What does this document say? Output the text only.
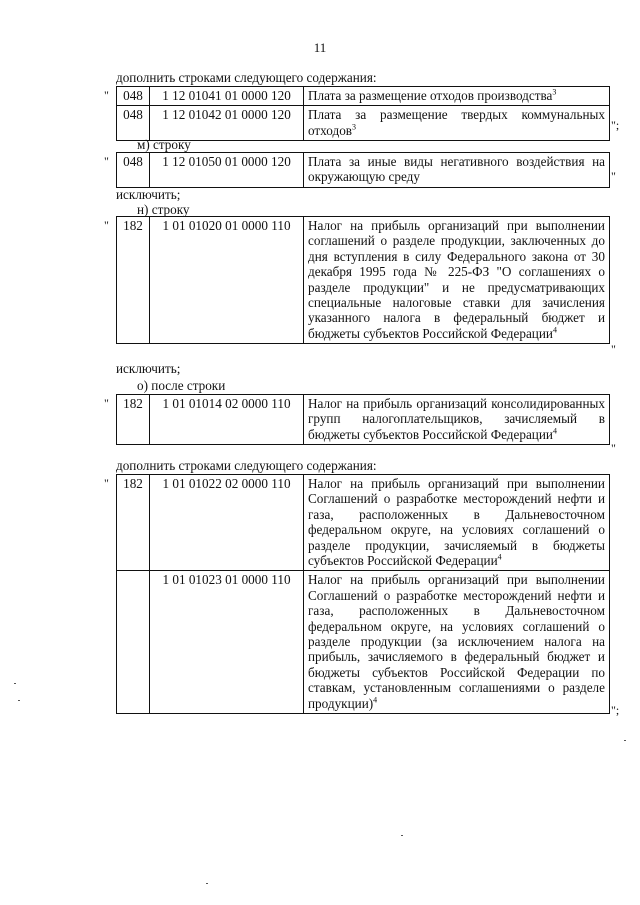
11
дополнить строками следующего содержания:
" 048	1 12 01041 01 0000 120	Плата за размещение отходов производства$^3$
048	1 12 01042 01 0000 120	Плата за размещение твердых коммунальных отходов$^3$	";
м) строку
" 048	1 12 01050 01 0000 120	Плата за иные виды негативного воздействия на окружающую среду	"
исключить;
н) строку
" 182	1 01 01020 01 0000 110	Налог на прибыль организаций при выполнении соглашений о разделе продукции, заключенных до дня вступления в силу Федерального закона от 30 декабря 1995 года № 225-ФЗ "О соглашениях о разделе продукции" и не предусматривающих специальные налоговые ставки для зачисления указанного налога в федеральный бюджет и бюджеты субъектов Российской Федерации$^4$
"
исключить;
о) после строки
" 182	1 01 01014 02 0000 110	Налог на прибыль организаций консолидированных групп налогоплательщиков, зачисляемый в бюджеты субъектов Российской Федерации$^4$
"
дополнить строками следующего содержания:
" 182	1 01 01022 02 0000 110	Налог на прибыль организаций при выполнении Соглашений о разработке месторождений нефти и газа, расположенных в Дальневосточном федеральном округе, на условиях соглашений о разделе продукции, зачисляемый в бюджеты субъектов Российской Федерации$^4$
	1 01 01023 01 0000 110	Налог на прибыль организаций при выполнении Соглашений о разработке месторождений нефти и газа, расположенных в Дальневосточном федеральном округе, на условиях соглашений о разделе продукции (за исключением налога на прибыль, зачисляемого в федеральный бюджет и бюджеты субъектов Российской Федерации по ставкам, установленным соглашениями о разделе продукции)$^4$
";
